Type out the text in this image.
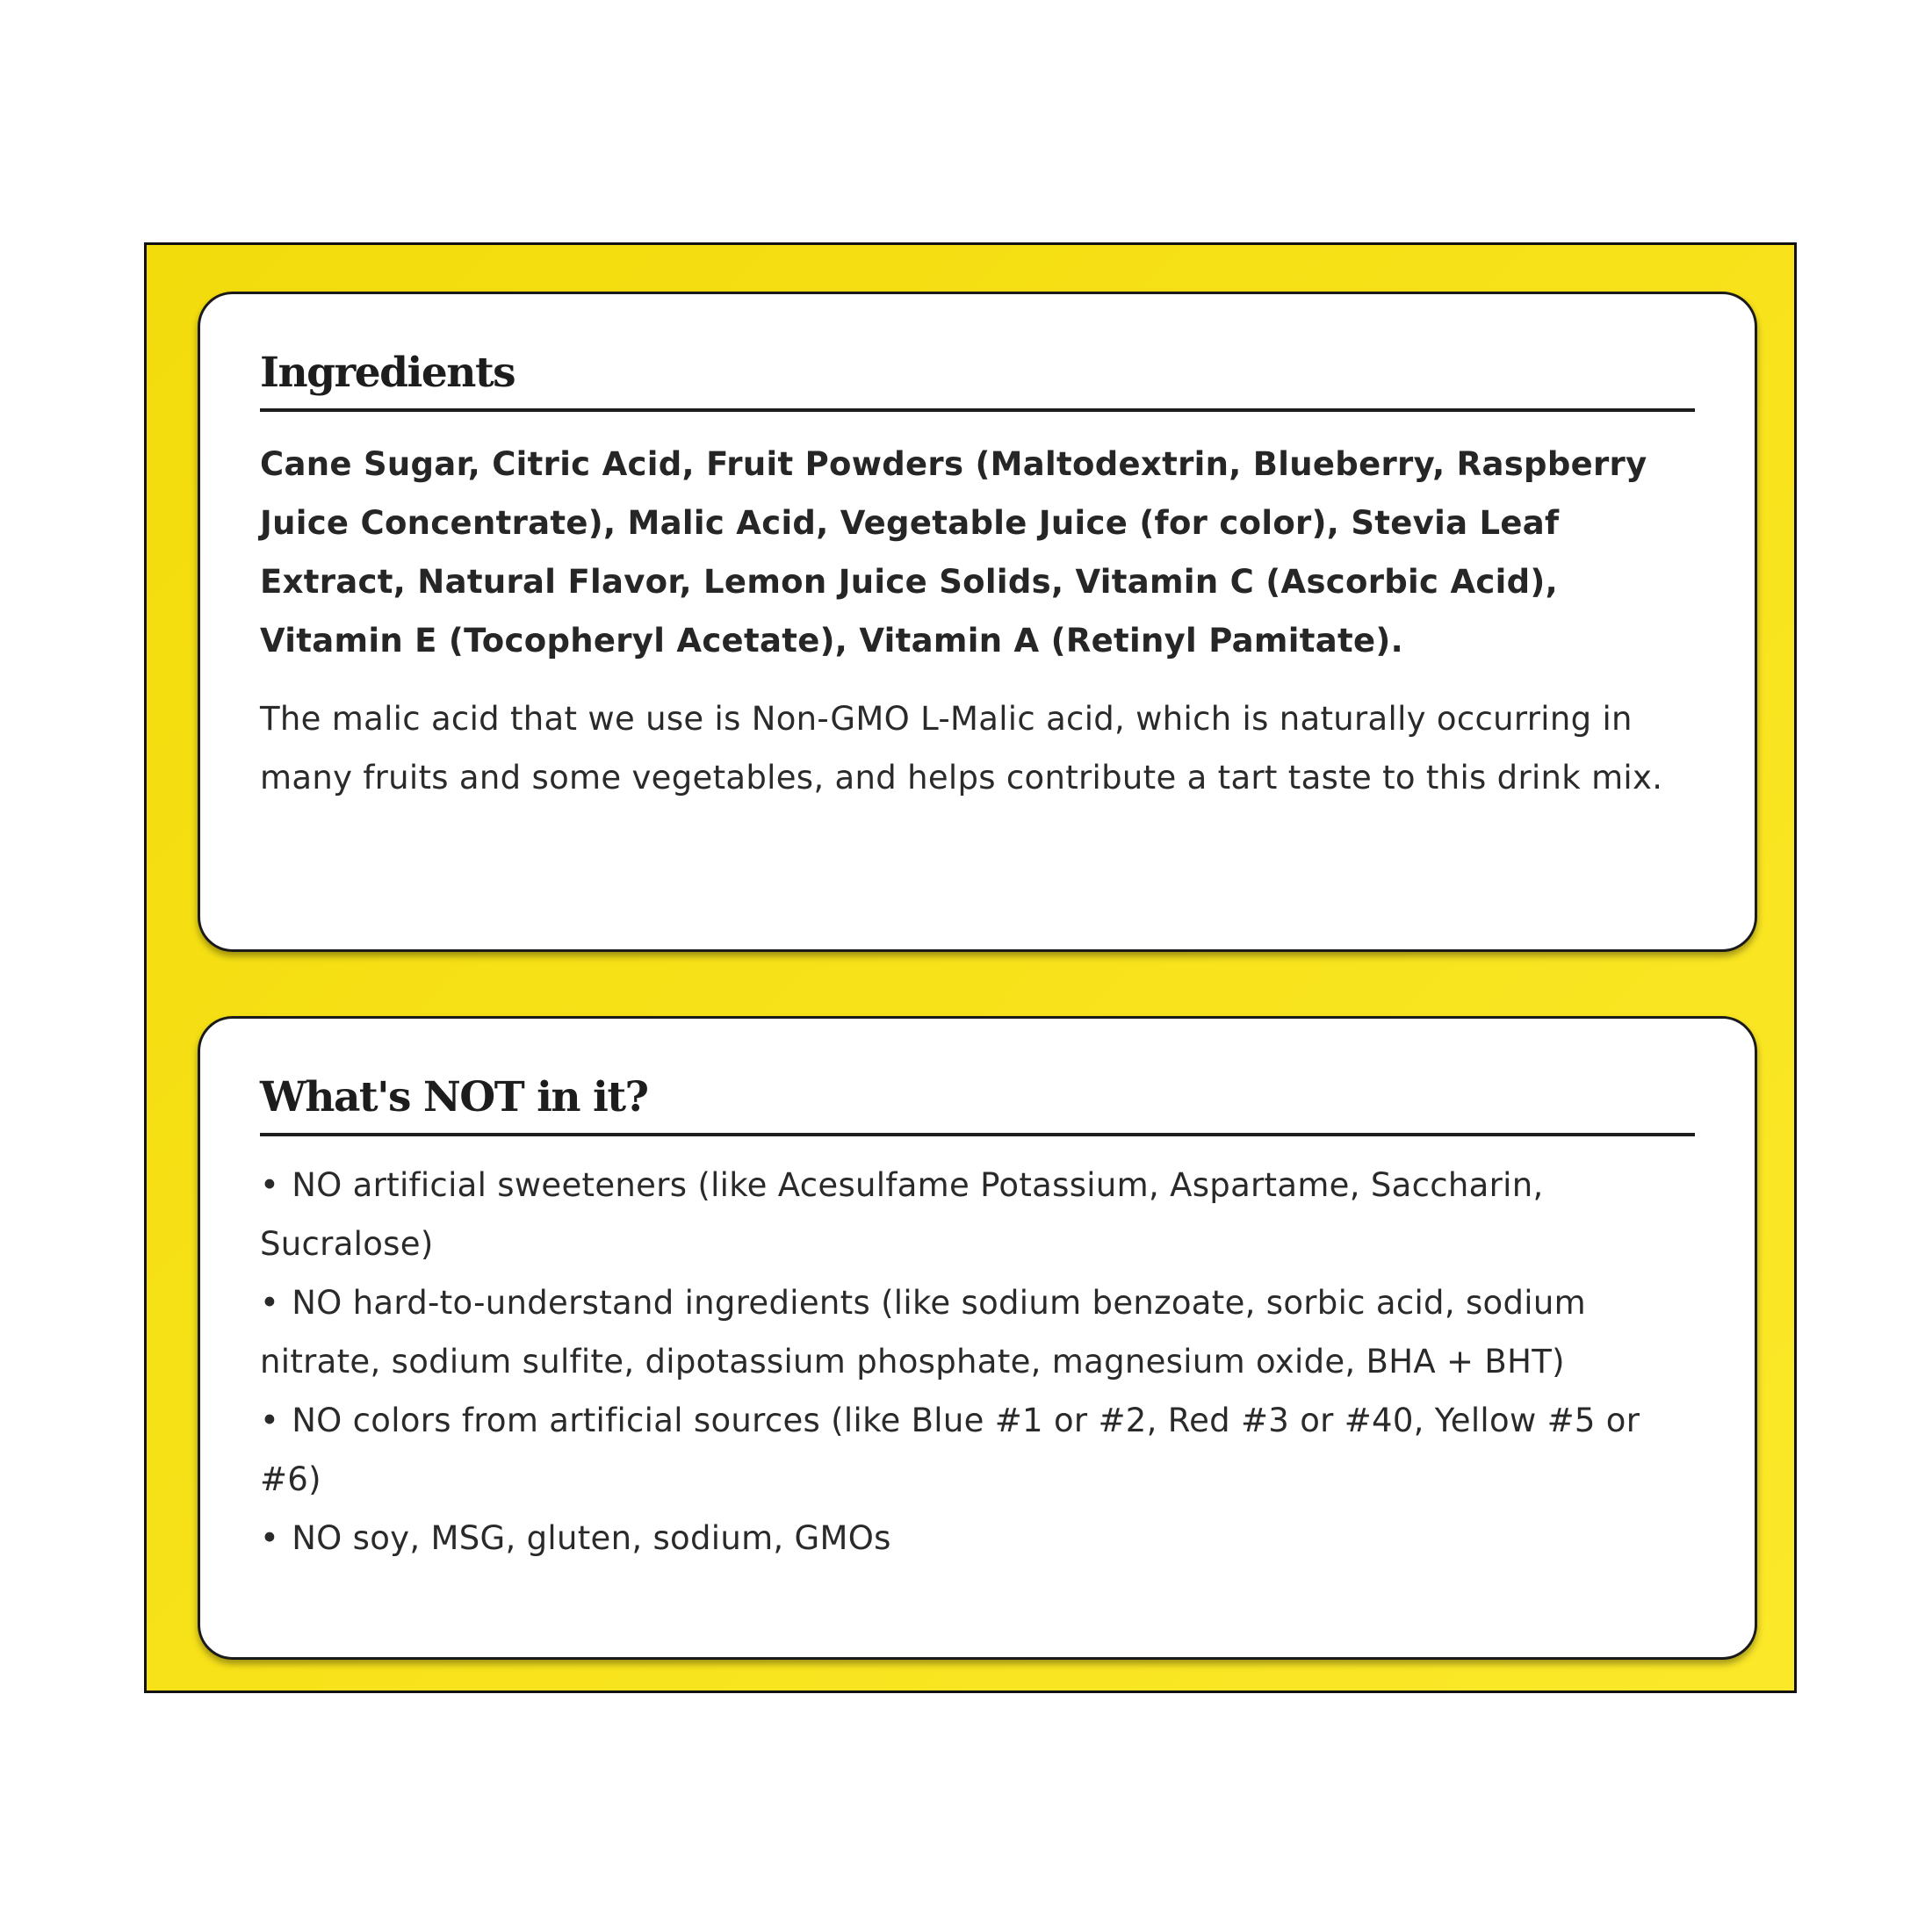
Ingredients

Cane Sugar, Citric Acid, Fruit Powders (Maltodextrin, Blueberry, Raspberry Juice Concentrate), Malic Acid, Vegetable Juice (for color), Stevia Leaf Extract, Natural Flavor, Lemon Juice Solids, Vitamin C (Ascorbic Acid), Vitamin E (Tocopheryl Acetate), Vitamin A (Retinyl Pamitate).

The malic acid that we use is Non-GMO L-Malic acid, which is naturally occurring in many fruits and some vegetables, and helps contribute a tart taste to this drink mix.

What's NOT in it?
• NO artificial sweeteners (like Acesulfame Potassium, Aspartame, Saccharin, Sucralose)
• NO hard-to-understand ingredients (like sodium benzoate, sorbic acid, sodium nitrate, sodium sulfite, dipotassium phosphate, magnesium oxide, BHA + BHT)
• NO colors from artificial sources (like Blue #1 or #2, Red #3 or #40, Yellow #5 or #6)
• NO soy, MSG, gluten, sodium, GMOs
